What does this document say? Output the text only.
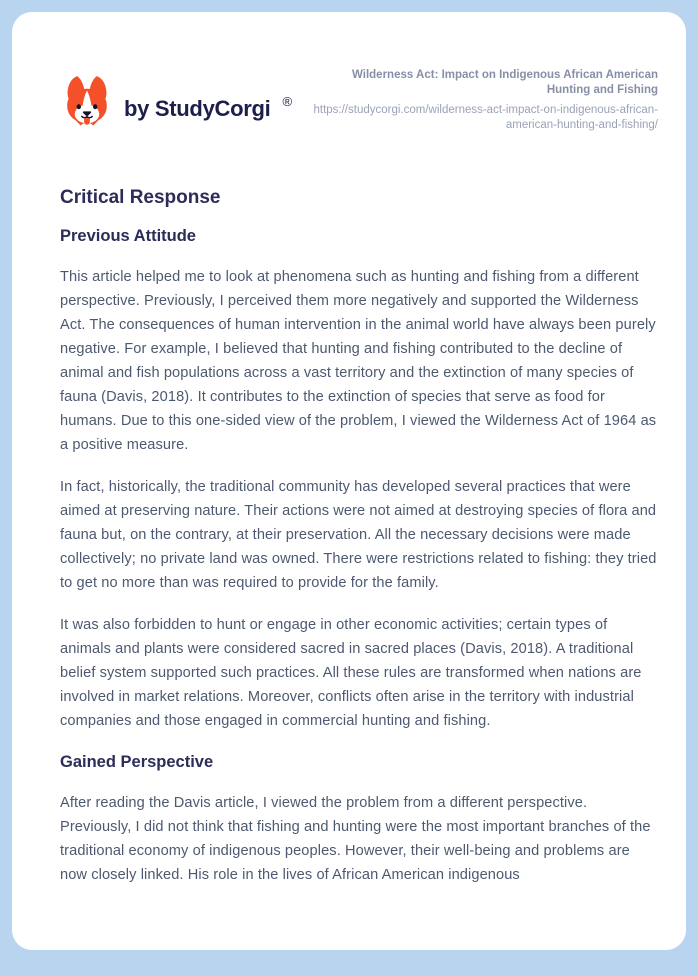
by StudyCorgi ®
Wilderness Act: Impact on Indigenous African American Hunting and Fishing
https://studycorgi.com/wilderness-act-impact-on-indigenous-african-american-hunting-and-fishing/
Critical Response
Previous Attitude

This article helped me to look at phenomena such as hunting and fishing from a different perspective. Previously, I perceived them more negatively and supported the Wilderness Act. The consequences of human intervention in the animal world have always been purely negative. For example, I believed that hunting and fishing contributed to the decline of animal and fish populations across a vast territory and the extinction of many species of fauna (Davis, 2018). It contributes to the extinction of species that serve as food for humans. Due to this one-sided view of the problem, I viewed the Wilderness Act of 1964 as a positive measure.

In fact, historically, the traditional community has developed several practices that were aimed at preserving nature. Their actions were not aimed at destroying species of flora and fauna but, on the contrary, at their preservation. All the necessary decisions were made collectively; no private land was owned. There were restrictions related to fishing: they tried to get no more than was required to provide for the family.

It was also forbidden to hunt or engage in other economic activities; certain types of animals and plants were considered sacred in sacred places (Davis, 2018). A traditional belief system supported such practices. All these rules are transformed when nations are involved in market relations. Moreover, conflicts often arise in the territory with industrial companies and those engaged in commercial hunting and fishing.

Gained Perspective

After reading the Davis article, I viewed the problem from a different perspective. Previously, I did not think that fishing and hunting were the most important branches of the traditional economy of indigenous peoples. However, their well-being and problems are now closely linked. His role in the lives of African American indigenous
